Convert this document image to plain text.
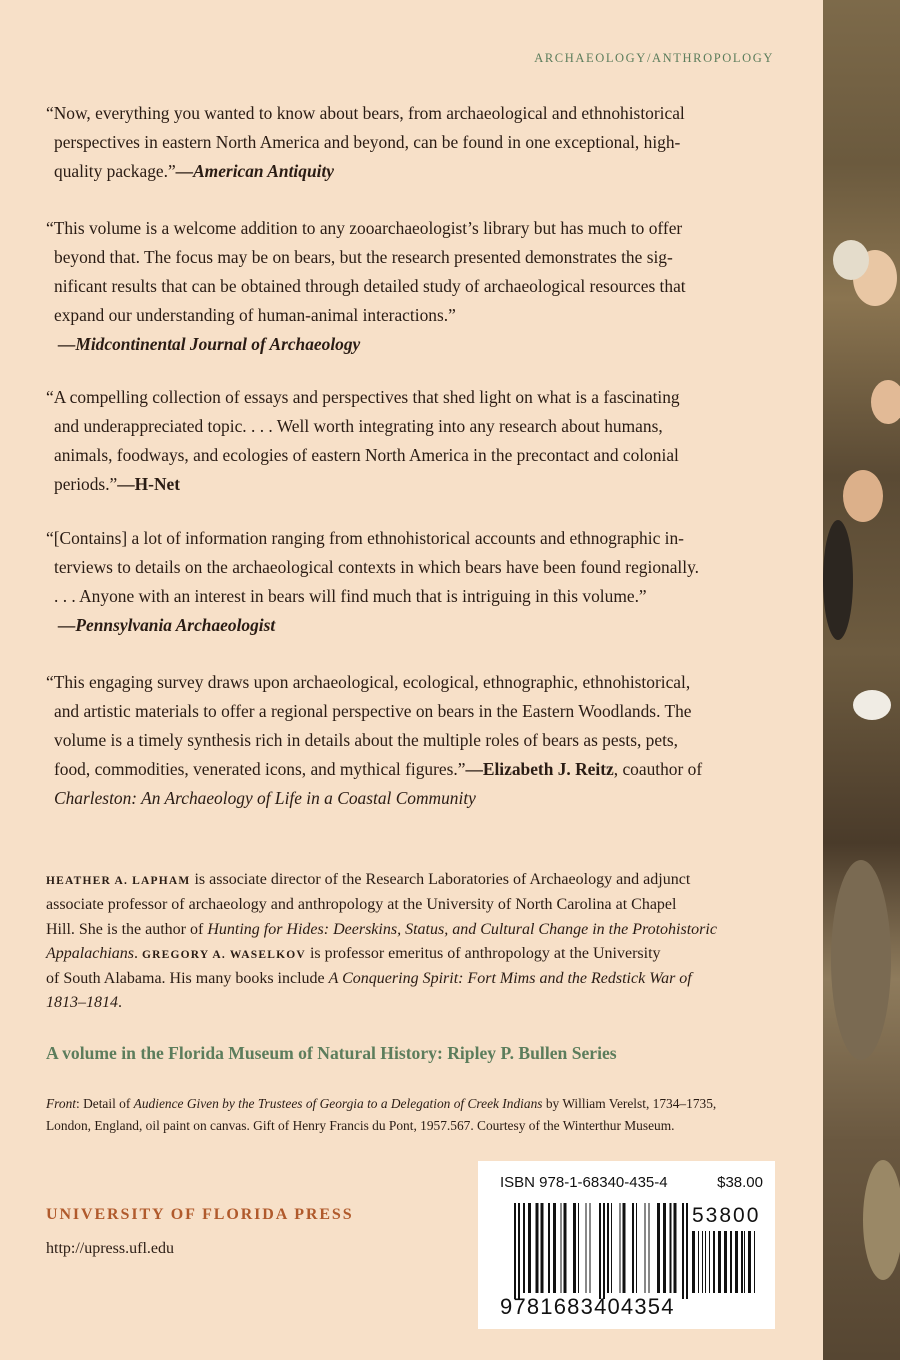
ARCHAEOLOGY/ANTHROPOLOGY
“Now, everything you wanted to know about bears, from archaeological and ethnohistorical
perspectives in eastern North America and beyond, can be found in one exceptional, high-
quality package.”—American Antiquity
“This volume is a welcome addition to any zooarchaeologist’s library but has much to offer
beyond that. The focus may be on bears, but the research presented demonstrates the sig-
nificant results that can be obtained through detailed study of archaeological resources that
expand our understanding of human-animal interactions.”
—Midcontinental Journal of Archaeology
“A compelling collection of essays and perspectives that shed light on what is a fascinating
and underappreciated topic. . . . Well worth integrating into any research about humans,
animals, foodways, and ecologies of eastern North America in the precontact and colonial
periods.”—H-Net
“[Contains] a lot of information ranging from ethnohistorical accounts and ethnographic in-
terviews to details on the archaeological contexts in which bears have been found regionally.
. . . Anyone with an interest in bears will find much that is intriguing in this volume.”
—Pennsylvania Archaeologist
“This engaging survey draws upon archaeological, ecological, ethnographic, ethnohistorical,
and artistic materials to offer a regional perspective on bears in the Eastern Woodlands. The
volume is a timely synthesis rich in details about the multiple roles of bears as pests, pets,
food, commodities, venerated icons, and mythical figures.”—Elizabeth J. Reitz, coauthor of
Charleston: An Archaeology of Life in a Coastal Community
HEATHER A. LAPHAM is associate director of the Research Laboratories of Archaeology and adjunct
associate professor of archaeology and anthropology at the University of North Carolina at Chapel
Hill. She is the author of Hunting for Hides: Deerskins, Status, and Cultural Change in the Protohistoric
Appalachians. GREGORY A. WASELKOV is professor emeritus of anthropology at the University
of South Alabama. His many books include A Conquering Spirit: Fort Mims and the Redstick War of
1813–1814.
A volume in the Florida Museum of Natural History: Ripley P. Bullen Series
Front: Detail of Audience Given by the Trustees of Georgia to a Delegation of Creek Indians by William Verelst, 1734–1735,
London, England, oil paint on canvas. Gift of Henry Francis du Pont, 1957.567. Courtesy of the Winterthur Museum.
UNIVERSITY OF FLORIDA PRESS
http://upress.ufl.edu
ISBN 978-1-68340-435-4	$38.00
9781683404354
53800
